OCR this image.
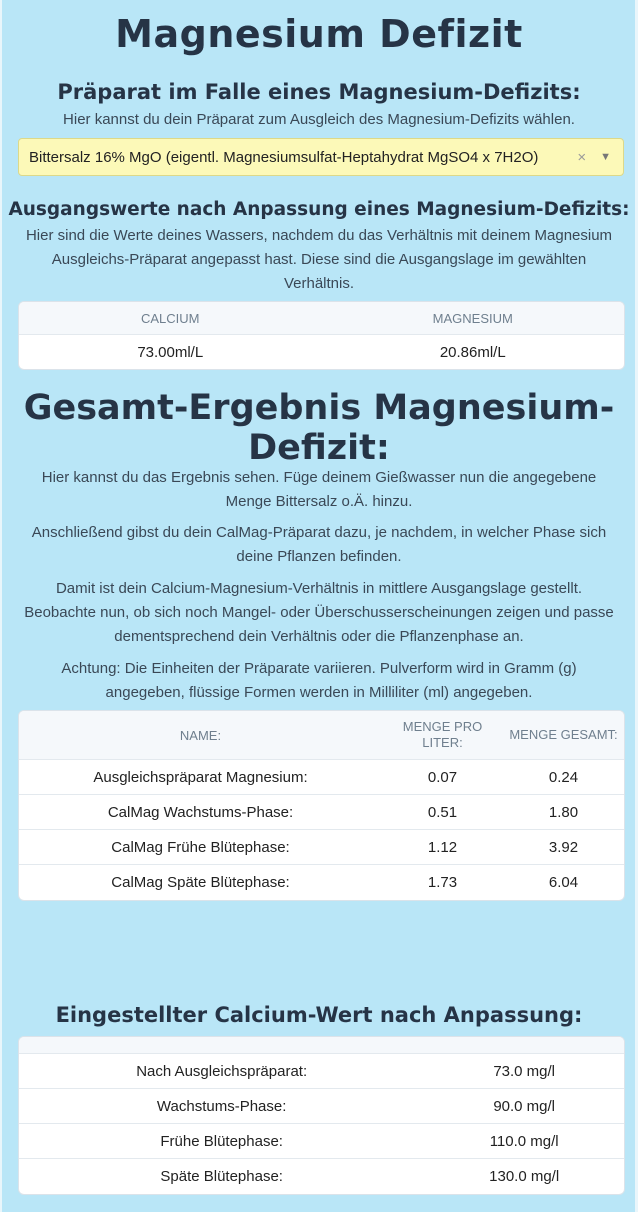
Magnesium Defizit
Präparat im Falle eines Magnesium-Defizits:
Hier kannst du dein Präparat zum Ausgleich des Magnesium-Defizits wählen.
Bittersalz 16% MgO (eigentl. Magnesiumsulfat-Heptahydrat MgSO4 x 7H2O)	×	▼
Ausgangswerte nach Anpassung eines Magnesium-Defizits:
Hier sind die Werte deines Wassers, nachdem du das Verhältnis mit deinem Magnesium Ausgleichs-Präparat angepasst hast. Diese sind die Ausgangslage im gewählten Verhältnis.
CALCIUM	MAGNESIUM
73.00ml/L	20.86ml/L
Gesamt-Ergebnis Magnesium-Defizit:
Hier kannst du das Ergebnis sehen. Füge deinem Gießwasser nun die angegebene Menge Bittersalz o.Ä. hinzu.
Anschließend gibst du dein CalMag-Präparat dazu, je nachdem, in welcher Phase sich deine Pflanzen befinden.
Damit ist dein Calcium-Magnesium-Verhältnis in mittlere Ausgangslage gestellt. Beobachte nun, ob sich noch Mangel- oder Überschusserscheinungen zeigen und passe dementsprechend dein Verhältnis oder die Pflanzenphase an.
Achtung: Die Einheiten der Präparate variieren. Pulverform wird in Gramm (g) angegeben, flüssige Formen werden in Milliliter (ml) angegeben.
NAME:	MENGE PRO LITER:	MENGE GESAMT:
Ausgleichspräparat Magnesium:	0.07	0.24
CalMag Wachstums-Phase:	0.51	1.80
CalMag Frühe Blütephase:	1.12	3.92
CalMag Späte Blütephase:	1.73	6.04
Eingestellter Calcium-Wert nach Anpassung:

Nach Ausgleichspräparat:	73.0 mg/l
Wachstums-Phase:	90.0 mg/l
Frühe Blütephase:	110.0 mg/l
Späte Blütephase:	130.0 mg/l
